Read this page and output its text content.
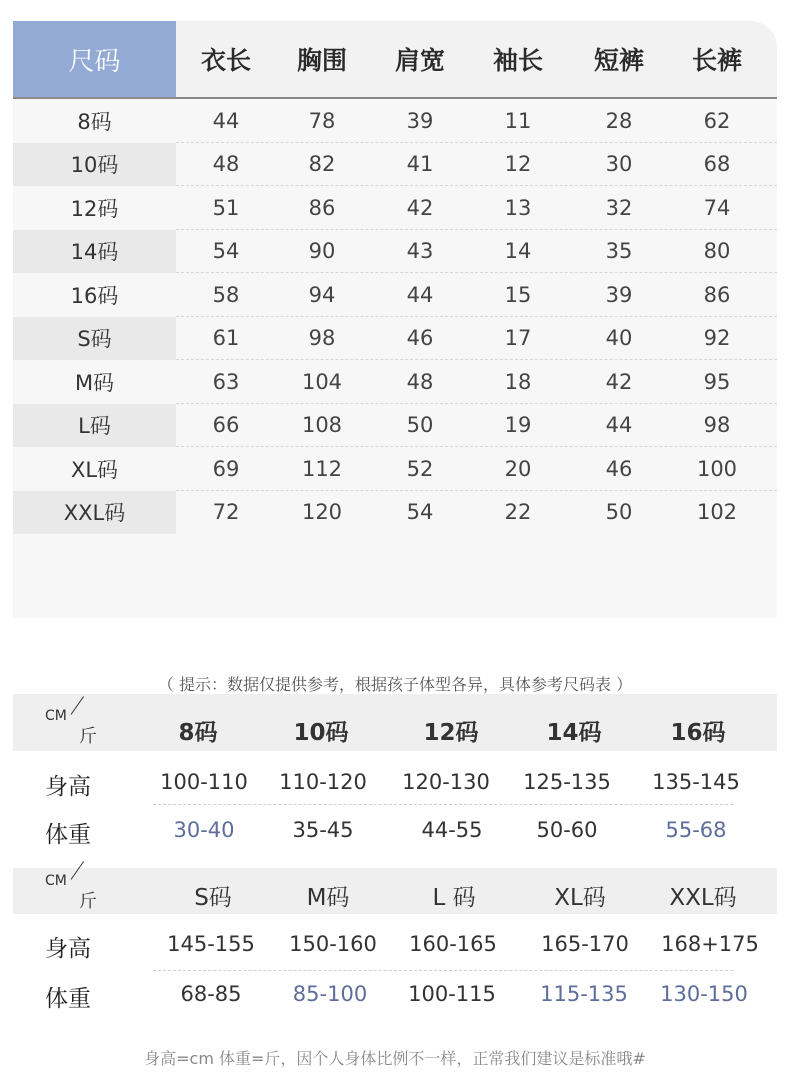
尺码	衣长	胸围	肩宽	袖长	短裤	长裤
8码	44	78	39	11	28	62
10码	48	82	41	12	30	68
12码	51	86	42	13	32	74
14码	54	90	43	14	35	80
16码	58	94	44	15	39	86
S码	61	98	46	17	40	92
M码	63	104	48	18	42	95
L码	66	108	50	19	44	98
XL码	69	112	52	20	46	100
XXL码	72	120	54	22	50	102
（ 提示：数据仅提供参考，根据孩子体型各异，具体参考尺码表 ）
CM
斤	8码	10码	12码	14码	16码
身高	100-110	110-120	120-130	125-135	135-145
体重	30-40	35-45	44-55	50-60	55-68
CM
斤	S码	M码	L 码	XL码	XXL码
身高	145-155	150-160	160-165	165-170	168+175
体重	68-85	85-100	100-115	115-135	130-150
身高=cm 体重=斤，因个人身体比例不一样，正常我们建议是标准哦#
